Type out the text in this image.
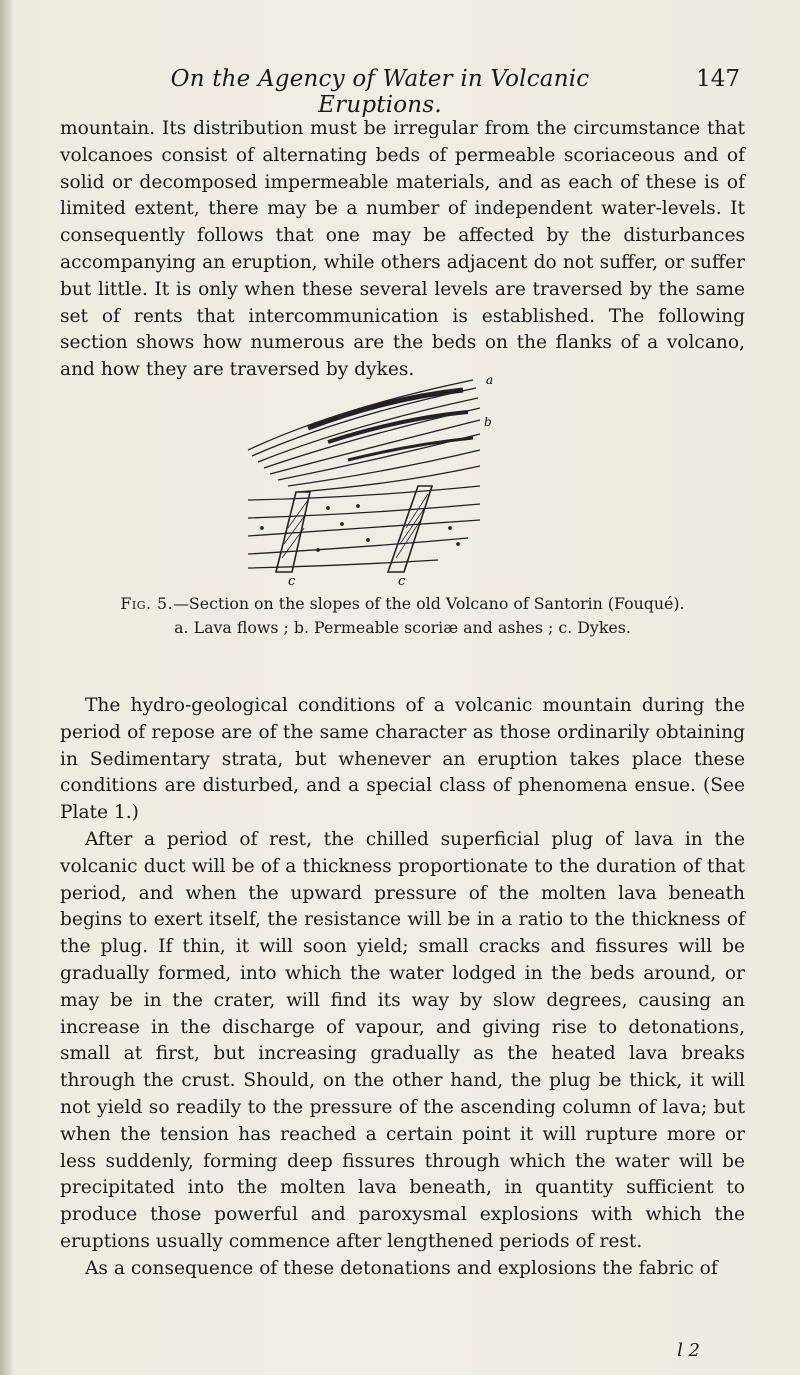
On the Agency of Water in Volcanic Eruptions.
147

mountain. Its distribution must be irregular from the circumstance that volcanoes consist of alternating beds of permeable scoriaceous and of solid or decomposed impermeable materials, and as each of these is of limited extent, there may be a number of independent water-levels. It consequently follows that one may be affected by the disturbances accompanying an eruption, while others adjacent do not suffer, or suffer but little. It is only when these several levels are traversed by the same set of rents that intercommunication is established. The following section shows how numerous are the beds on the flanks of a volcano, and how they are traversed by dykes.	a
b
c	c
Fig. 5.—Section on the slopes of the old Volcano of Santorin (Fouqué).
a. Lava flows ; b. Permeable scoriæ and ashes ; c. Dykes.

The hydro-geological conditions of a volcanic mountain during the period of repose are of the same character as those ordinarily obtaining in Sedimentary strata, but whenever an eruption takes place these conditions are disturbed, and a special class of phenomena ensue. (See Plate 1.)

After a period of rest, the chilled superficial plug of lava in the volcanic duct will be of a thickness proportionate to the duration of that period, and when the upward pressure of the molten lava beneath begins to exert itself, the resistance will be in a ratio to the thickness of the plug. If thin, it will soon yield; small cracks and fissures will be gradually formed, into which the water lodged in the beds around, or may be in the crater, will find its way by slow degrees, causing an increase in the discharge of vapour, and giving rise to detonations, small at first, but increasing gradually as the heated lava breaks through the crust. Should, on the other hand, the plug be thick, it will not yield so readily to the pressure of the ascending column of lava; but when the tension has reached a certain point it will rupture more or less suddenly, forming deep fissures through which the water will be precipitated into the molten lava beneath, in quantity sufficient to produce those powerful and paroxysmal explosions with which the eruptions usually commence after lengthened periods of rest.

As a consequence of these detonations and explosions the fabric of

l 2
